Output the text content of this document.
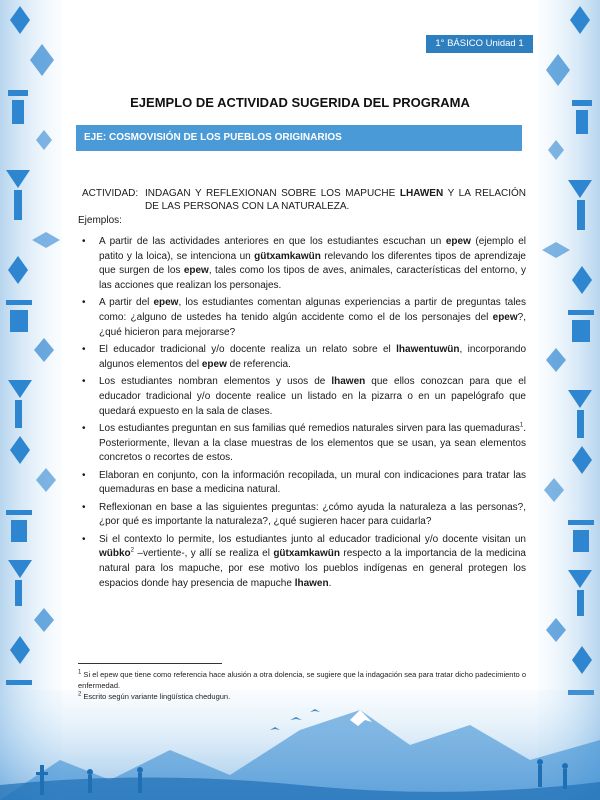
1° BÁSICO Unidad 1
EJEMPLO DE ACTIVIDAD SUGERIDA DEL PROGRAMA
EJE: COSMOVISIÓN DE LOS PUEBLOS ORIGINARIOS
ACTIVIDAD: INDAGAN Y REFLEXIONAN SOBRE LOS MAPUCHE LHAWEN Y LA RELACIÓN DE LAS PERSONAS CON LA NATURALEZA.
Ejemplos:
• A partir de las actividades anteriores en que los estudiantes escuchan un epew (ejemplo el patito y la loica), se intenciona un gütxamkawün relevando los diferentes tipos de aprendizaje que surgen de los epew, tales como los tipos de aves, animales, características del entorno, y las acciones que realizan los personajes.
• A partir del epew, los estudiantes comentan algunas experiencias a partir de preguntas tales como: ¿alguno de ustedes ha tenido algún accidente como el de los personajes del epew?, ¿qué hicieron para mejorarse?
• El educador tradicional y/o docente realiza un relato sobre el lhawentuwün, incorporando algunos elementos del epew de referencia.
• Los estudiantes nombran elementos y usos de lhawen que ellos conozcan para que el educador tradicional y/o docente realice un listado en la pizarra o en un papelógrafo que quedará expuesto en la sala de clases.
• Los estudiantes preguntan en sus familias qué remedios naturales sirven para las quemaduras$^1$. Posteriormente, llevan a la clase muestras de los elementos que se usan, ya sean elementos concretos o recortes de estos.
• Elaboran en conjunto, con la información recopilada, un mural con indicaciones para tratar las quemaduras en base a medicina natural.
• Reflexionan en base a las siguientes preguntas: ¿cómo ayuda la naturaleza a las personas?, ¿por qué es importante la naturaleza?, ¿qué sugieren hacer para cuidarla?
• Si el contexto lo permite, los estudiantes junto al educador tradicional y/o docente visitan un wübko$^2$ –vertiente-, y allí se realiza el gütxamkawün respecto a la importancia de la medicina natural para los mapuche, por ese motivo los pueblos indígenas en general protegen los espacios donde hay presencia de mapuche lhawen.

$^1$ Si el epew que tiene como referencia hace alusión a otra dolencia, se sugiere que la indagación sea para tratar dicho padecimiento o enfermedad.

$^2$ Escrito según variante lingüística chedugun.
